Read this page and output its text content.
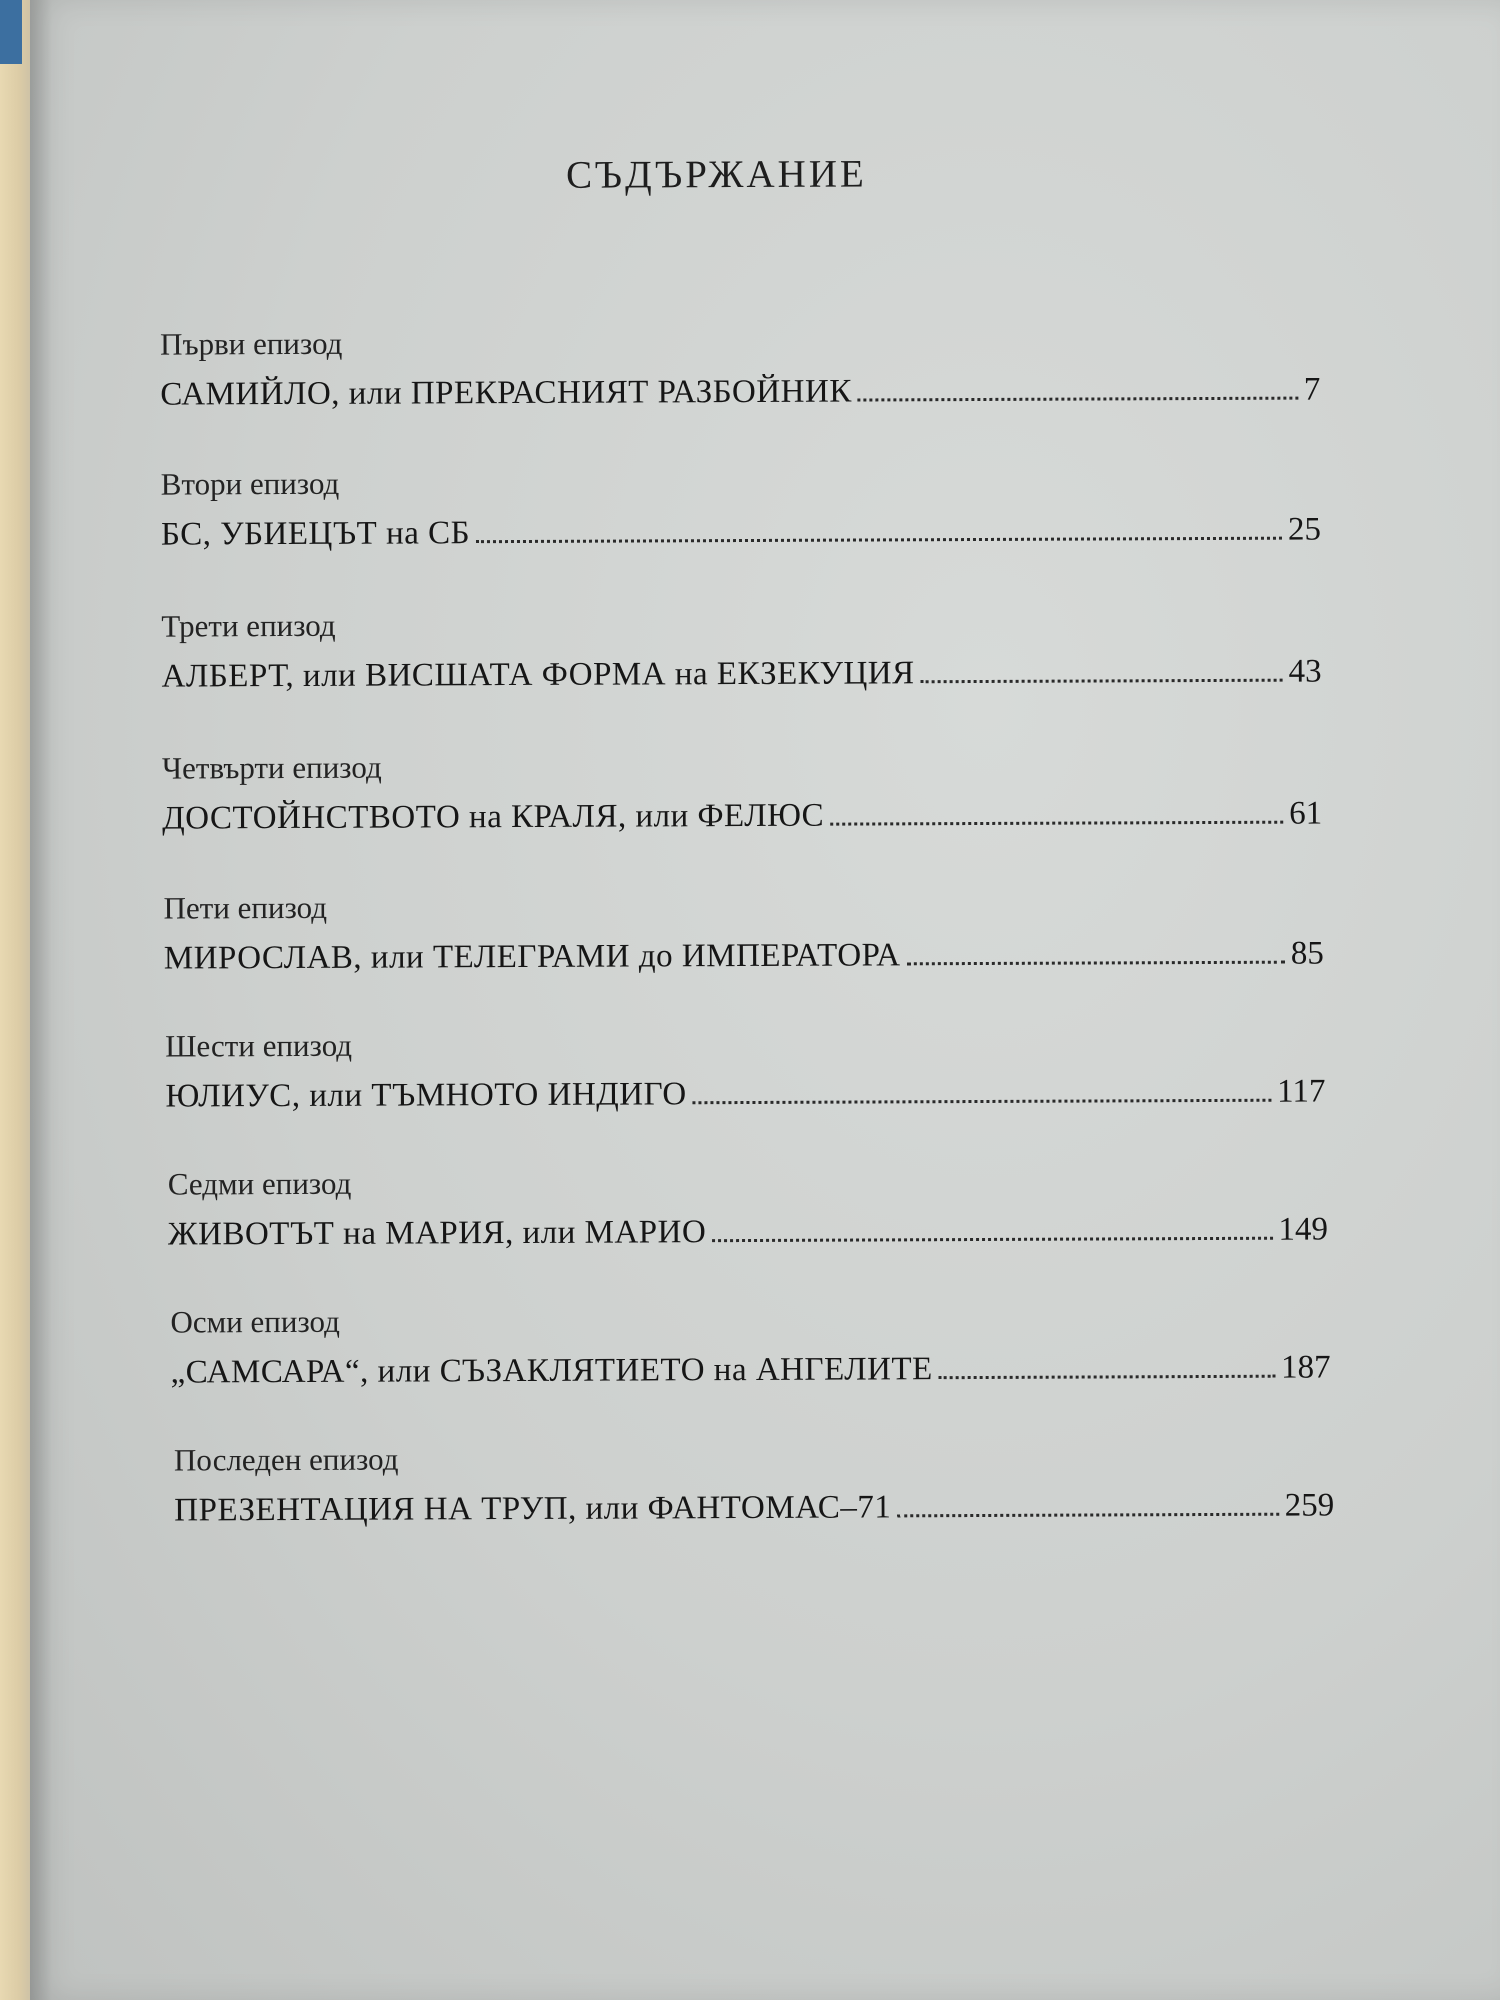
СЪДЪРЖАНИЕ
Първи епизод
САМИЙЛО, или ПРЕКРАСНИЯТ РАЗБОЙНИК	7
Втори епизод
БС, УБИЕЦЪТ на СБ	25
Трети епизод
АЛБЕРТ, или ВИСШАТА ФОРМА на ЕКЗЕКУЦИЯ	43
Четвърти епизод
ДОСТОЙНСТВОТО на КРАЛЯ, или ФЕЛЮС	61
Пети епизод
МИРОСЛАВ, или ТЕЛЕГРАМИ до ИМПЕРАТОРА	85
Шести епизод
ЮЛИУС, или ТЪМНОТО ИНДИГО	117
Седми епизод
ЖИВОТЪТ на МАРИЯ, или МАРИО	149
Осми епизод
„САМСАРА“, или СЪЗАКЛЯТИЕТО на АНГЕЛИТЕ	187
Последен епизод
ПРЕЗЕНТАЦИЯ НА ТРУП, или ФАНТОМАС–71	259
